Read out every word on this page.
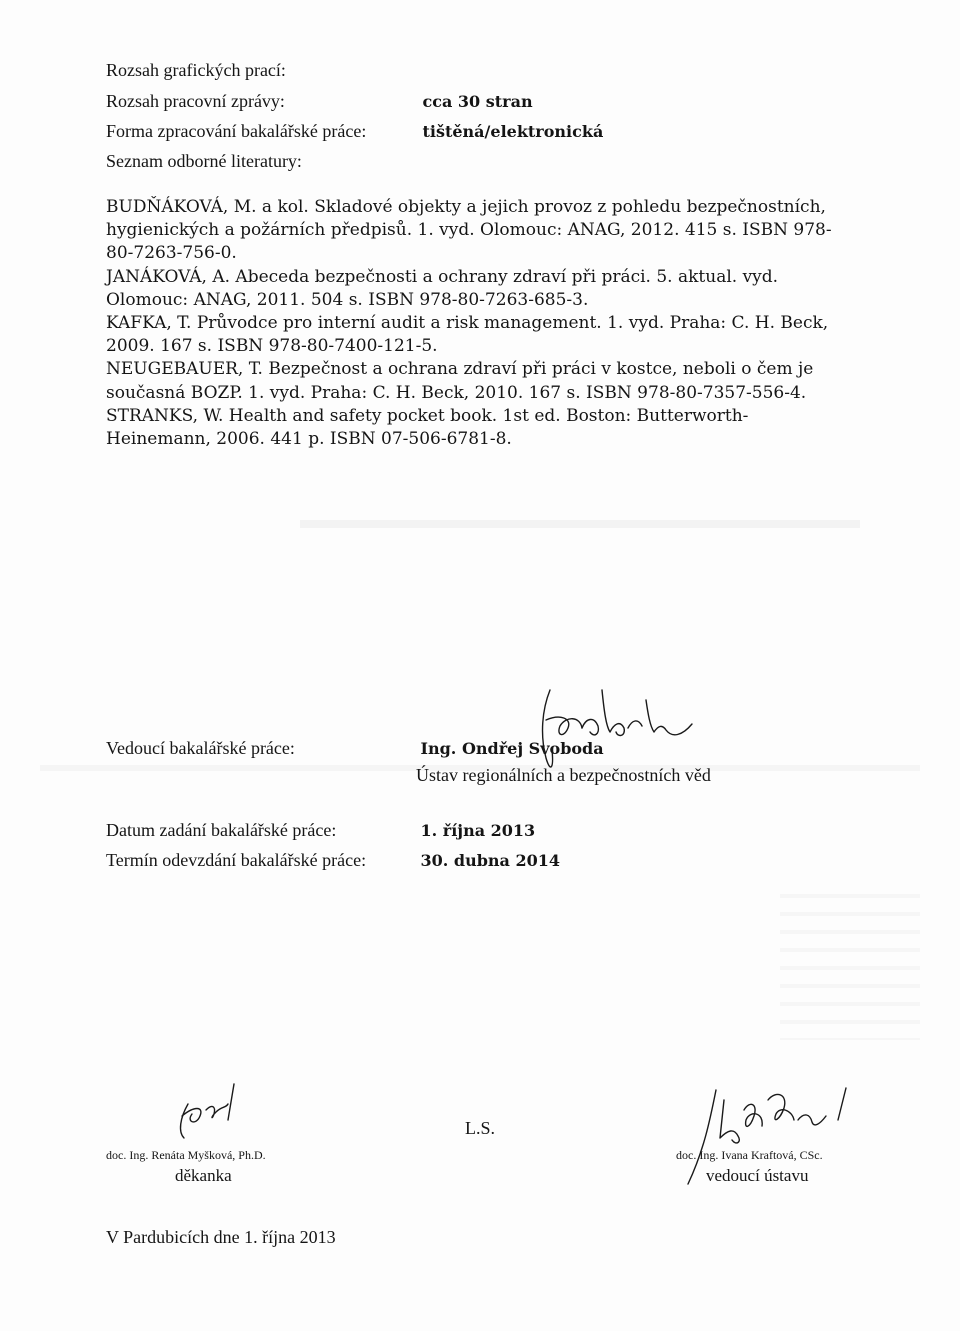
Rozsah grafických prací:
Rozsah pracovní zprávy:	cca 30 stran
Forma zpracování bakalářské práce:	tištěná/elektronická
Seznam odborné literatury:

BUDŇÁKOVÁ, M. a kol. Skladové objekty a jejich provoz z pohledu bezpečnostních, hygienických a požárních předpisů. 1. vyd. Olomouc: ANAG, 2012. 415 s. ISBN 978-80-7263-756-0.

JANÁKOVÁ, A. Abeceda bezpečnosti a ochrany zdraví při práci. 5. aktual. vyd. Olomouc: ANAG, 2011. 504 s. ISBN 978-80-7263-685-3.

KAFKA, T. Průvodce pro interní audit a risk management. 1. vyd. Praha: C. H. Beck, 2009. 167 s. ISBN 978-80-7400-121-5.

NEUGEBAUER, T. Bezpečnost a ochrana zdraví při práci v kostce, neboli o čem je současná BOZP. 1. vyd. Praha: C. H. Beck, 2010. 167 s. ISBN 978-80-7357-556-4.

STRANKS, W. Health and safety pocket book. 1st ed. Boston: Butterworth-Heinemann, 2006. 441 p. ISBN 07-506-6781-8.

Vedoucí bakalářské práce:	Ing. Ondřej Svoboda
Ústav regionálních a bezpečnostních věd
Datum zadání bakalářské práce:	1. října 2013
Termín odevzdání bakalářské práce:	30. dubna 2014
doc. Ing. Renáta Myšková, Ph.D.
děkanka
L.S.
doc. Ing. Ivana Kraftová, CSc.
vedoucí ústavu
V Pardubicích dne 1. října 2013
